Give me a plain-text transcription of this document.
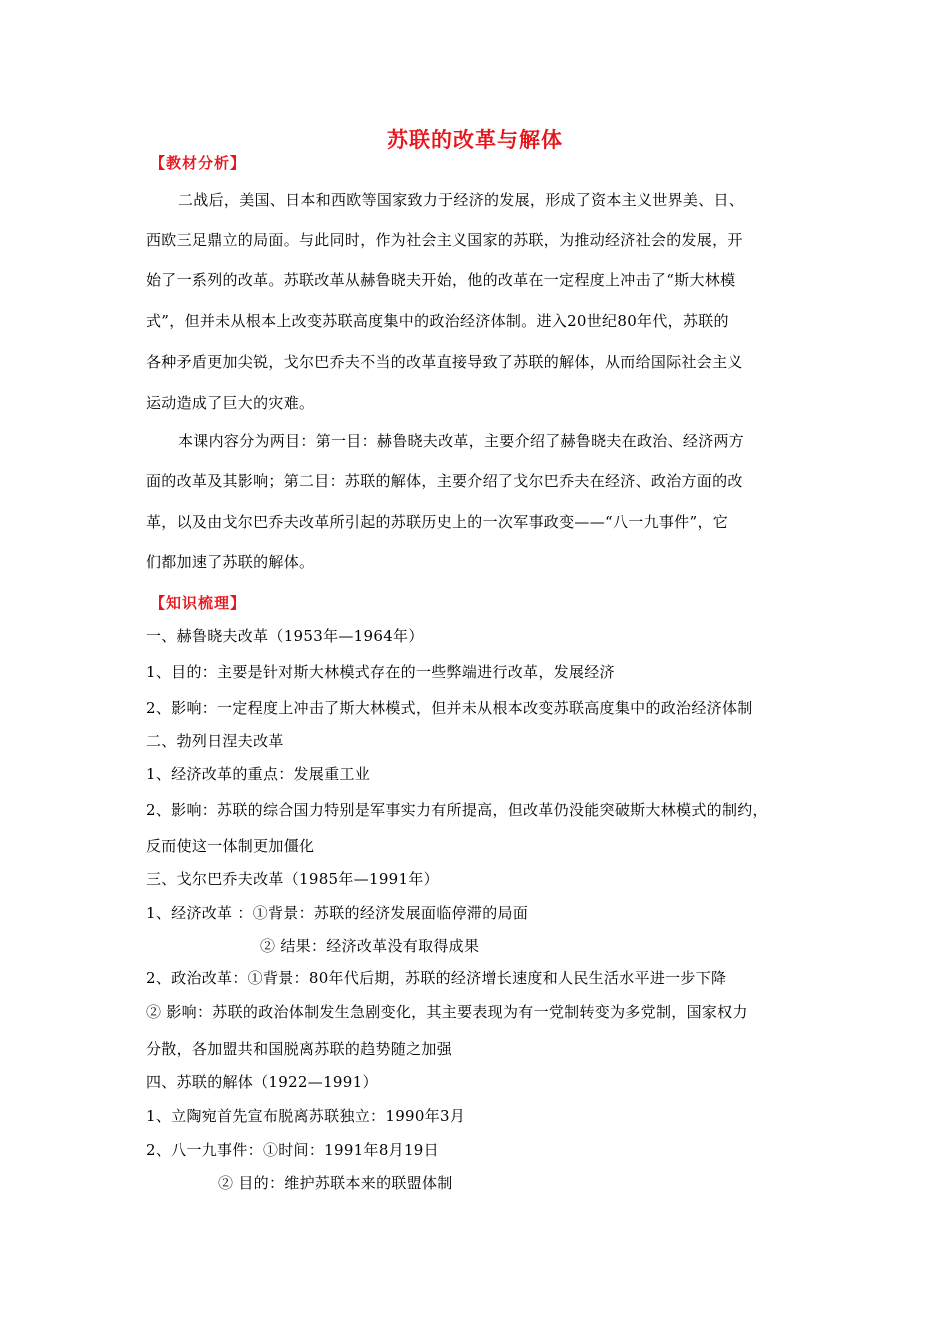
苏联的改革与解体
【教材分析】
二战后，美国、日本和西欧等国家致力于经济的发展，形成了资本主义世界美、日、
西欧三足鼎立的局面。与此同时，作为社会主义国家的苏联，为推动经济社会的发展，开
始了一系列的改革。苏联改革从赫鲁晓夫开始，他的改革在一定程度上冲击了“斯大林模
式”，但并未从根本上改变苏联高度集中的政治经济体制。进入20世纪80年代，苏联的
各种矛盾更加尖锐，戈尔巴乔夫不当的改革直接导致了苏联的解体，从而给国际社会主义
运动造成了巨大的灾难。
本课内容分为两目：第一目：赫鲁晓夫改革，主要介绍了赫鲁晓夫在政治、经济两方
面的改革及其影响；第二目：苏联的解体，主要介绍了戈尔巴乔夫在经济、政治方面的改
革，以及由戈尔巴乔夫改革所引起的苏联历史上的一次军事政变——“八一九事件”，它
们都加速了苏联的解体。
【知识梳理】
一、赫鲁晓夫改革（1953年—1964年）
1、目的：主要是针对斯大林模式存在的一些弊端进行改革，发展经济
2、影响：一定程度上冲击了斯大林模式，但并未从根本改变苏联高度集中的政治经济体制
二、勃列日涅夫改革
1、经济改革的重点：发展重工业
2、影响：苏联的综合国力特别是军事实力有所提高，但改革仍没能突破斯大林模式的制约，
反而使这一体制更加僵化
三、戈尔巴乔夫改革（1985年—1991年）
1、经济改革 ：①背景：苏联的经济发展面临停滞的局面
② 结果：经济改革没有取得成果
2、政治改革：①背景：80年代后期，苏联的经济增长速度和人民生活水平进一步下降
② 影响：苏联的政治体制发生急剧变化，其主要表现为有一党制转变为多党制，国家权力
分散，各加盟共和国脱离苏联的趋势随之加强
四、苏联的解体（1922—1991）
1、立陶宛首先宣布脱离苏联独立：1990年3月
2、八一九事件：①时间：1991年8月19日
② 目的：维护苏联本来的联盟体制
